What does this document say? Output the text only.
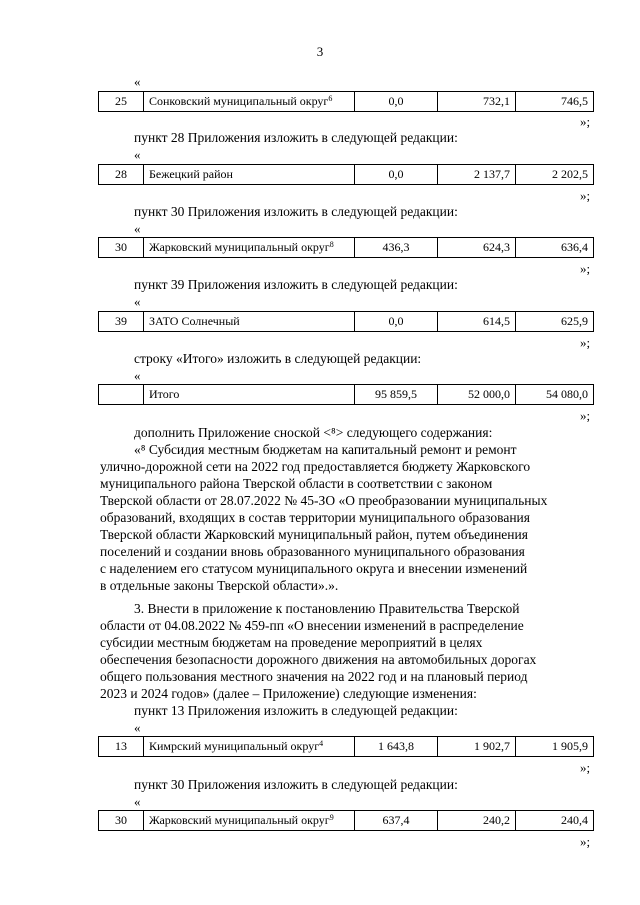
3
«
25	Сонковский муниципальный округ$^6$	0,0	732,1	746,5
»;
пункт 28 Приложения изложить в следующей редакции:
«
28	Бежецкий район	0,0	2 137,7	2 202,5
»;
пункт 30 Приложения изложить в следующей редакции:
«
30	Жарковский муниципальный округ$^8$	436,3	624,3	636,4
»;
пункт 39 Приложения изложить в следующей редакции:
«
39	ЗАТО Солнечный	0,0	614,5	625,9
»;
строку «Итого» изложить в следующей редакции:
«
	Итого	95 859,5	52 000,0	54 080,0
»;
дополнить Приложение сноской <⁸> следующего содержания:
«⁸ Субсидия местным бюджетам на капитальный ремонт и ремонт
улично-дорожной сети на 2022 год предоставляется бюджету Жарковского
муниципального района Тверской области в соответствии с законом
Тверской области от 28.07.2022 № 45-ЗО «О преобразовании муниципальных
образований, входящих в состав территории муниципального образования
Тверской области Жарковский муниципальный район, путем объединения
поселений и создании вновь образованного муниципального образования
с наделением его статусом муниципального округа и внесении изменений
в отдельные законы Тверской области».».
3. Внести в приложение к постановлению Правительства Тверской
области от 04.08.2022 № 459-пп «О внесении изменений в распределение
субсидии местным бюджетам на проведение мероприятий в целях
обеспечения безопасности дорожного движения на автомобильных дорогах
общего пользования местного значения на 2022 год и на плановый период
2023 и 2024 годов» (далее – Приложение) следующие изменения:
пункт 13 Приложения изложить в следующей редакции:
«
13	Кимрский муниципальный округ$^4$	1 643,8	1 902,7	1 905,9
»;
пункт 30 Приложения изложить в следующей редакции:
«
30	Жарковский муниципальный округ$^9$	637,4	240,2	240,4
»;
